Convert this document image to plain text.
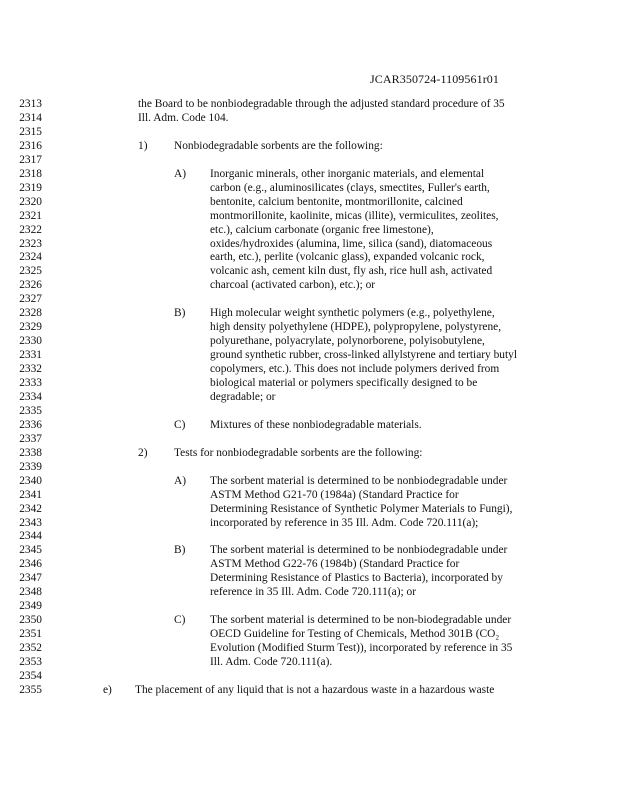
JCAR350724-1109561r01
2313	the Board to be nonbiodegradable through the adjusted standard procedure of 35
2314	Ill. Adm. Code 104.
2315
2316	1) Nonbiodegradable sorbents are the following:
2317
2318	A) Inorganic minerals, other inorganic materials, and elemental
2319	carbon (e.g., aluminosilicates (clays, smectites, Fuller's earth,
2320	bentonite, calcium bentonite, montmorillonite, calcined
2321	montmorillonite, kaolinite, micas (illite), vermiculites, zeolites,
2322	etc.), calcium carbonate (organic free limestone),
2323	oxides/hydroxides (alumina, lime, silica (sand), diatomaceous
2324	earth, etc.), perlite (volcanic glass), expanded volcanic rock,
2325	volcanic ash, cement kiln dust, fly ash, rice hull ash, activated
2326	charcoal (activated carbon), etc.); or
2327
2328	B) High molecular weight synthetic polymers (e.g., polyethylene,
2329	high density polyethylene (HDPE), polypropylene, polystyrene,
2330	polyurethane, polyacrylate, polynorborene, polyisobutylene,
2331	ground synthetic rubber, cross-linked allylstyrene and tertiary butyl
2332	copolymers, etc.). This does not include polymers derived from
2333	biological material or polymers specifically designed to be
2334	degradable; or
2335
2336	C) Mixtures of these nonbiodegradable materials.
2337
2338	2) Tests for nonbiodegradable sorbents are the following:
2339
2340	A) The sorbent material is determined to be nonbiodegradable under
2341	ASTM Method G21-70 (1984a) (Standard Practice for
2342	Determining Resistance of Synthetic Polymer Materials to Fungi),
2343	incorporated by reference in 35 Ill. Adm. Code 720.111(a);
2344
2345	B) The sorbent material is determined to be nonbiodegradable under
2346	ASTM Method G22-76 (1984b) (Standard Practice for
2347	Determining Resistance of Plastics to Bacteria), incorporated by
2348	reference in 35 Ill. Adm. Code 720.111(a); or
2349
2350	C) The sorbent material is determined to be non-biodegradable under
2351	OECD Guideline for Testing of Chemicals, Method 301B (CO₂
2352	Evolution (Modified Sturm Test)), incorporated by reference in 35
2353	Ill. Adm. Code 720.111(a).
2354
2355	e) The placement of any liquid that is not a hazardous waste in a hazardous waste
